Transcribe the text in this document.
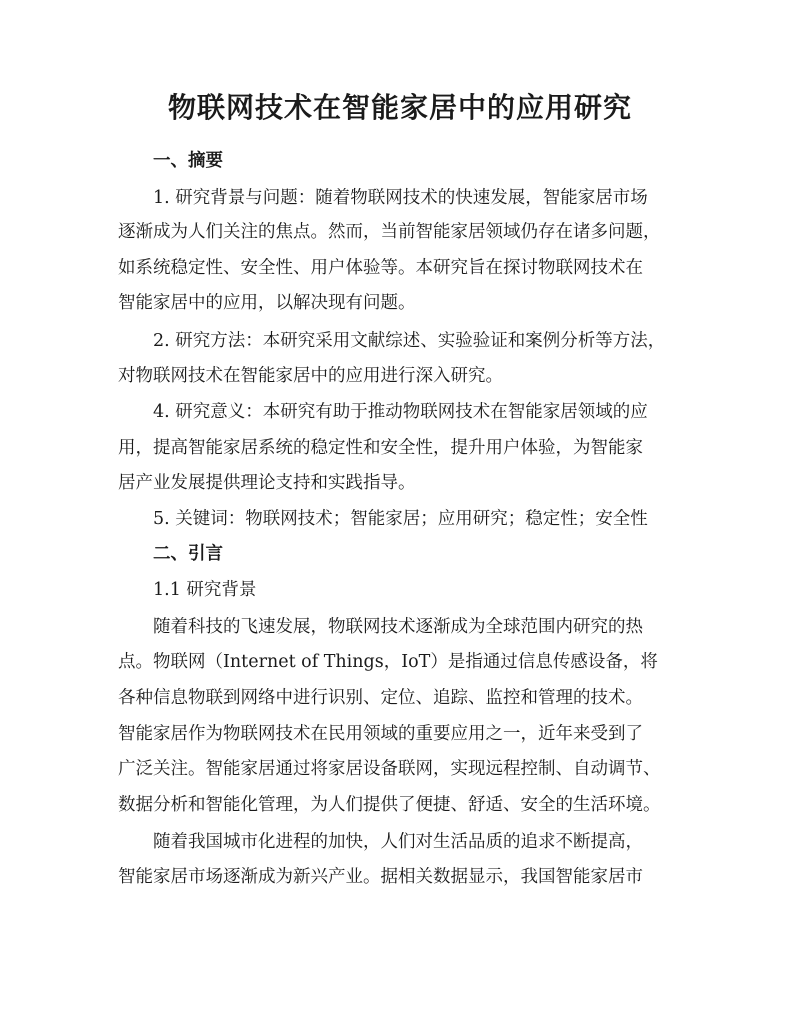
物联网技术在智能家居中的应用研究

一、摘要

1. 研究背景与问题：随着物联网技术的快速发展，智能家居市场

逐渐成为人们关注的焦点。然而，当前智能家居领域仍存在诸多问题，

如系统稳定性、安全性、用户体验等。本研究旨在探讨物联网技术在

智能家居中的应用，以解决现有问题。

2. 研究方法：本研究采用文献综述、实验验证和案例分析等方法，

对物联网技术在智能家居中的应用进行深入研究。

4. 研究意义：本研究有助于推动物联网技术在智能家居领域的应

用，提高智能家居系统的稳定性和安全性，提升用户体验，为智能家

居产业发展提供理论支持和实践指导。

5. 关键词：物联网技术；智能家居；应用研究；稳定性；安全性

二、引言

1.1 研究背景

随着科技的飞速发展，物联网技术逐渐成为全球范围内研究的热

点。物联网（Internet of Things，IoT）是指通过信息传感设备，将

各种信息物联到网络中进行识别、定位、追踪、监控和管理的技术。

智能家居作为物联网技术在民用领域的重要应用之一，近年来受到了

广泛关注。智能家居通过将家居设备联网，实现远程控制、自动调节、

数据分析和智能化管理，为人们提供了便捷、舒适、安全的生活环境。

随着我国城市化进程的加快，人们对生活品质的追求不断提高，

智能家居市场逐渐成为新兴产业。据相关数据显示，我国智能家居市
